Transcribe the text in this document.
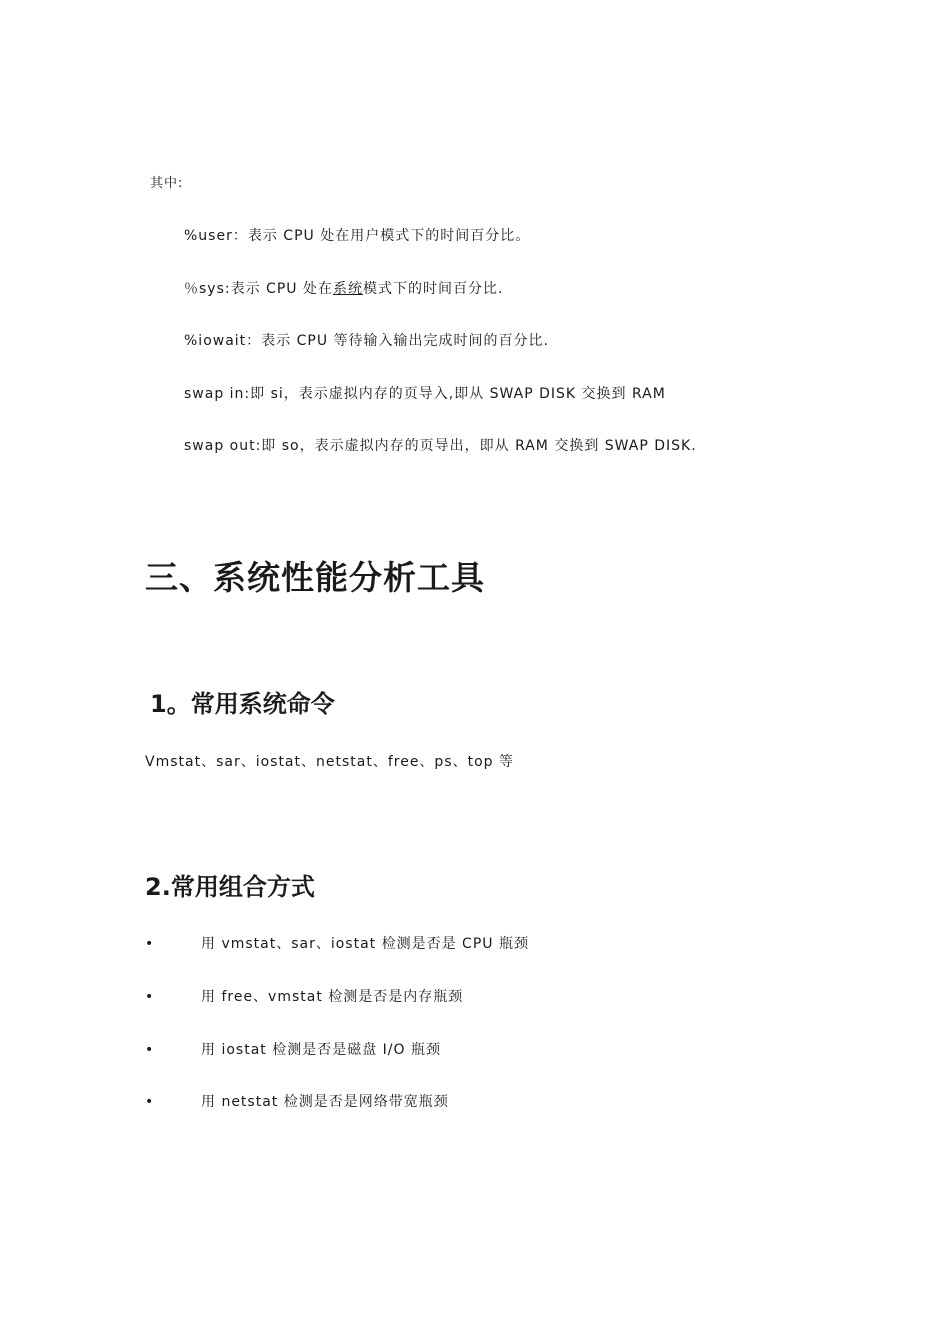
其中:
%user：表示 CPU 处在用户模式下的时间百分比。
％sys:表示 CPU 处在系统模式下的时间百分比.
%iowait：表示 CPU 等待输入输出完成时间的百分比.
swap in:即 si，表示虚拟内存的页导入,即从 SWAP DISK 交换到 RAM
swap out:即 so，表示虚拟内存的页导出，即从 RAM 交换到 SWAP DISK.
三、系统性能分析工具
1。常用系统命令
Vmstat、sar、iostat、netstat、free、ps、top 等
2.常用组合方式
•	用 vmstat、sar、iostat 检测是否是 CPU 瓶颈
•	用 free、vmstat 检测是否是内存瓶颈
•	用 iostat 检测是否是磁盘 I/O 瓶颈
•	用 netstat 检测是否是网络带宽瓶颈
